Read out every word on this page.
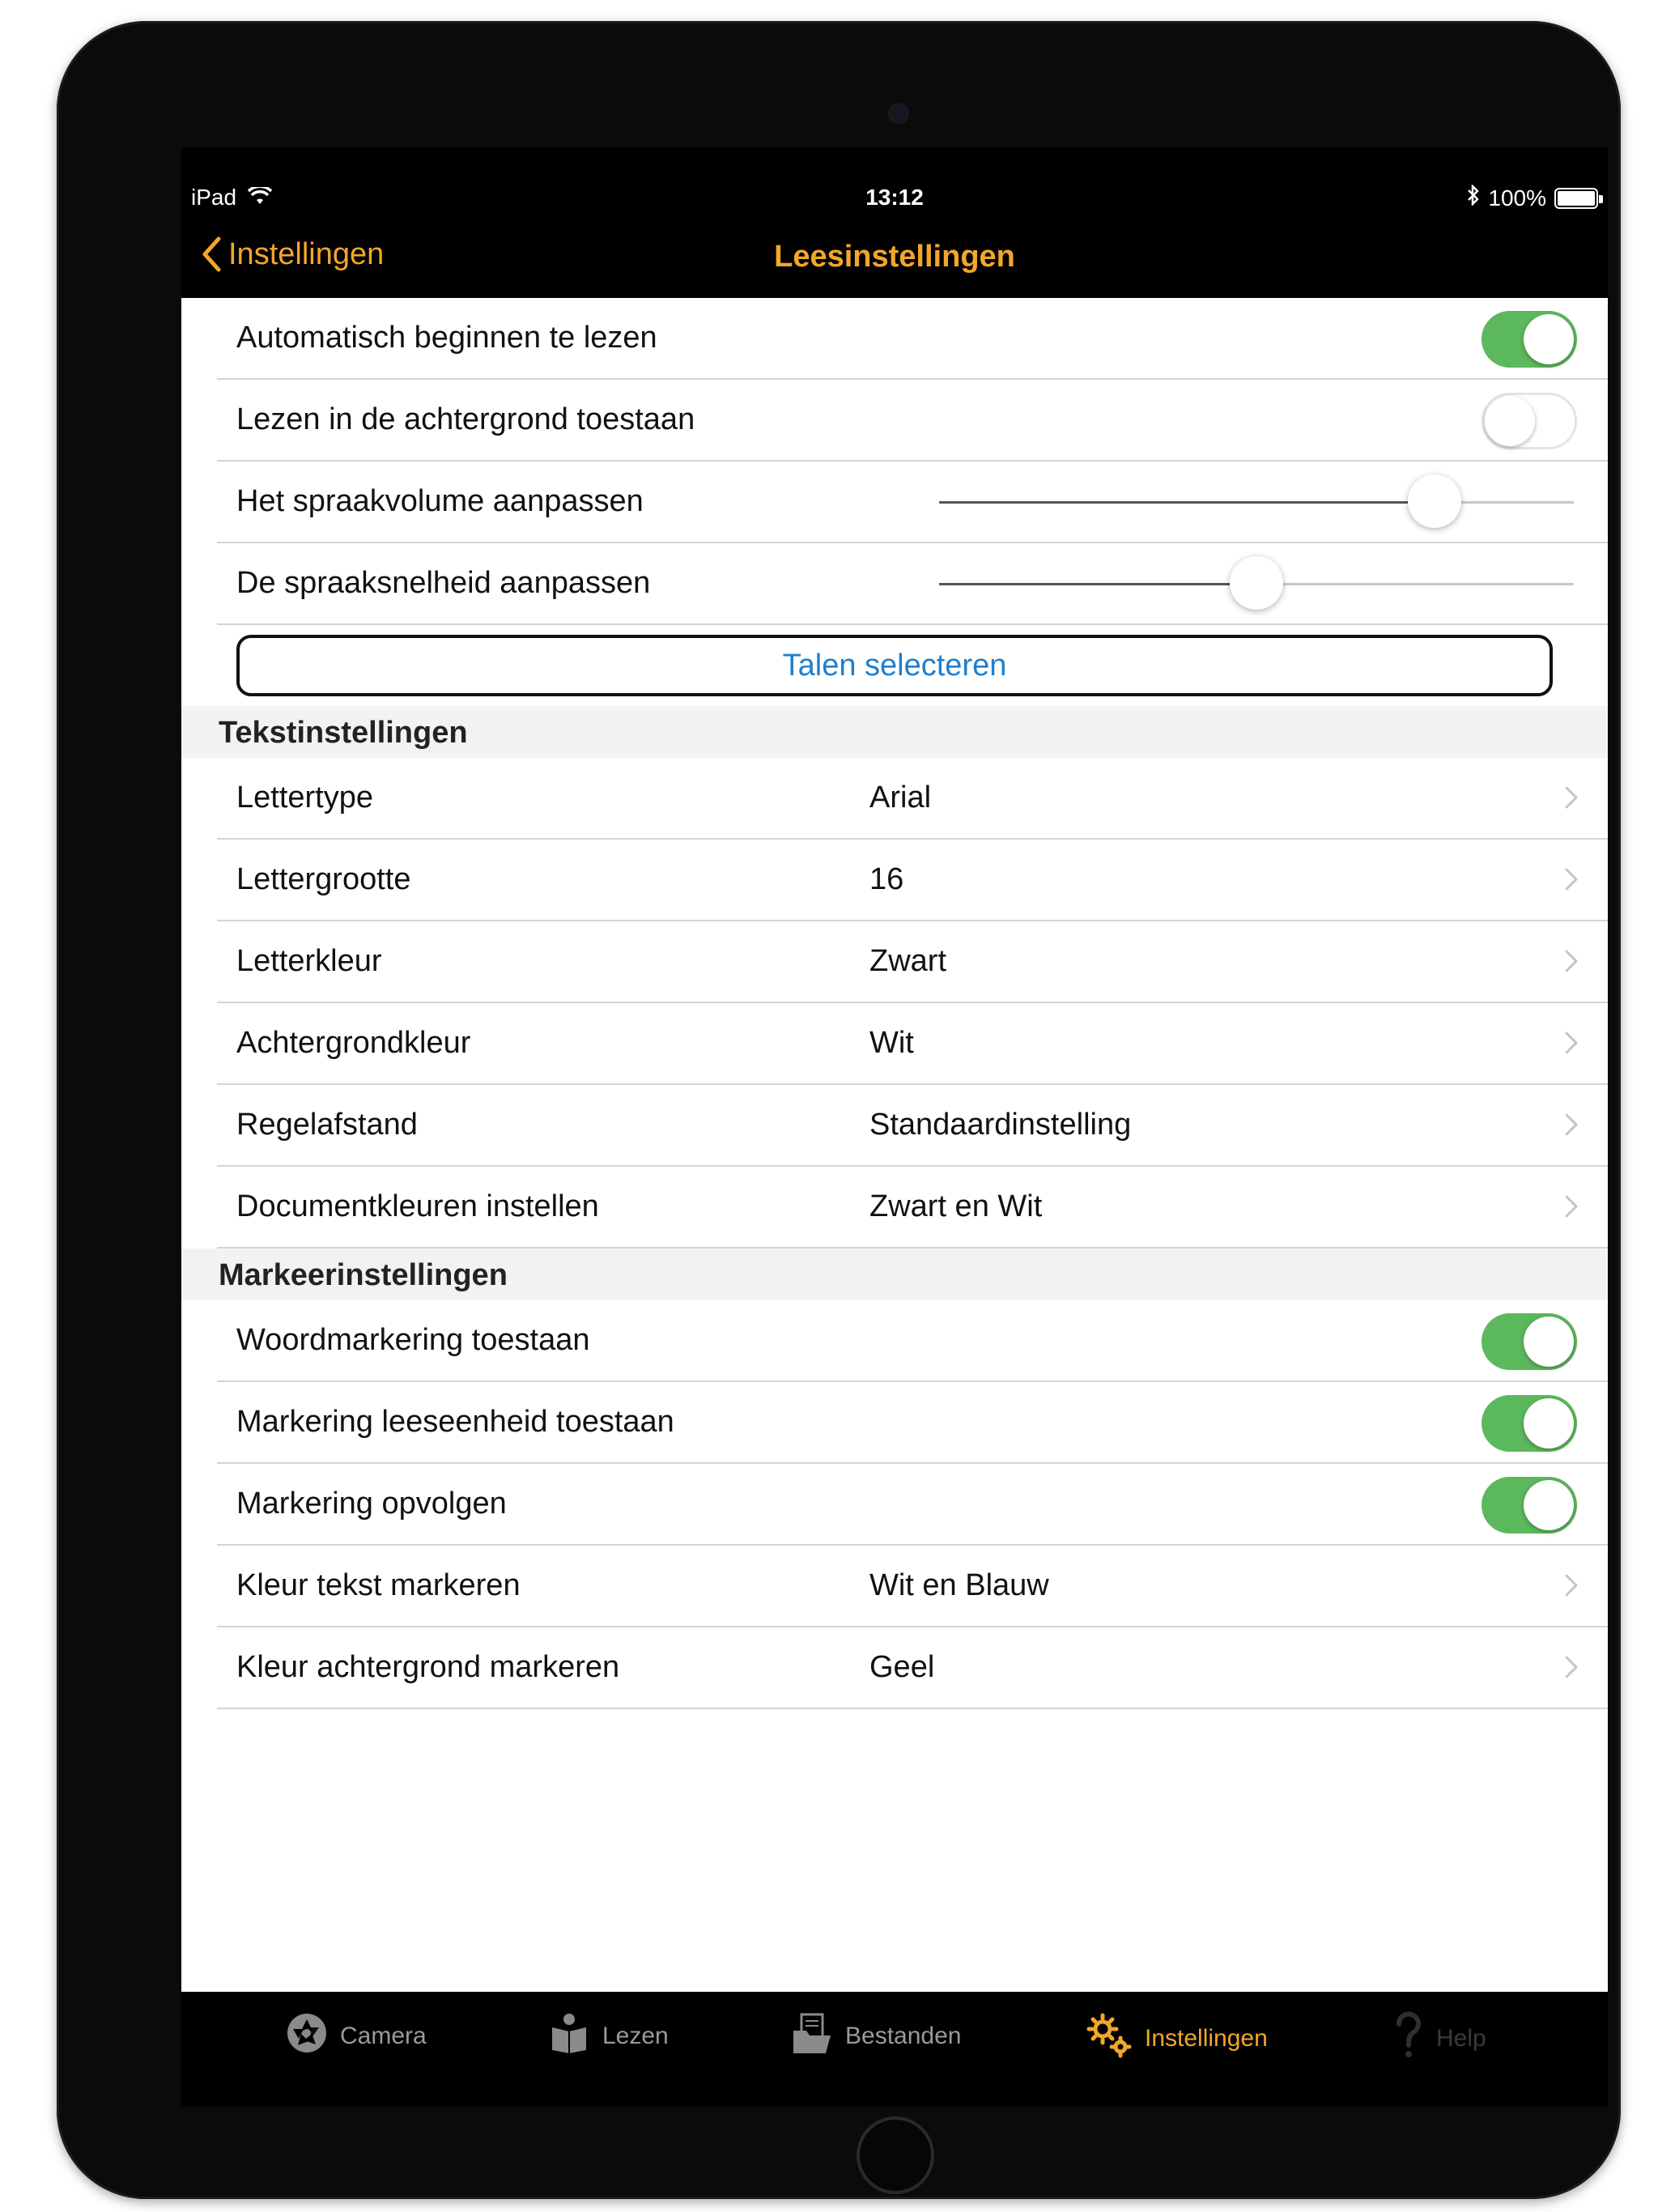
iPad	13:12	100%
Instellingen	Leesinstellingen
Automatisch beginnen te lezen
Lezen in de achtergrond toestaan
Het spraakvolume aanpassen
De spraaksnelheid aanpassen
Talen selecteren
Tekstinstellingen
Lettertype	Arial
Lettergrootte	16
Letterkleur	Zwart
Achtergrondkleur	Wit
Regelafstand	Standaardinstelling
Documentkleuren instellen	Zwart en Wit
Markeerinstellingen
Woordmarkering toestaan
Markering leeseenheid toestaan
Markering opvolgen
Kleur tekst markeren	Wit en Blauw
Kleur achtergrond markeren	Geel
Camera	Lezen	Bestanden	Instellingen	Help
